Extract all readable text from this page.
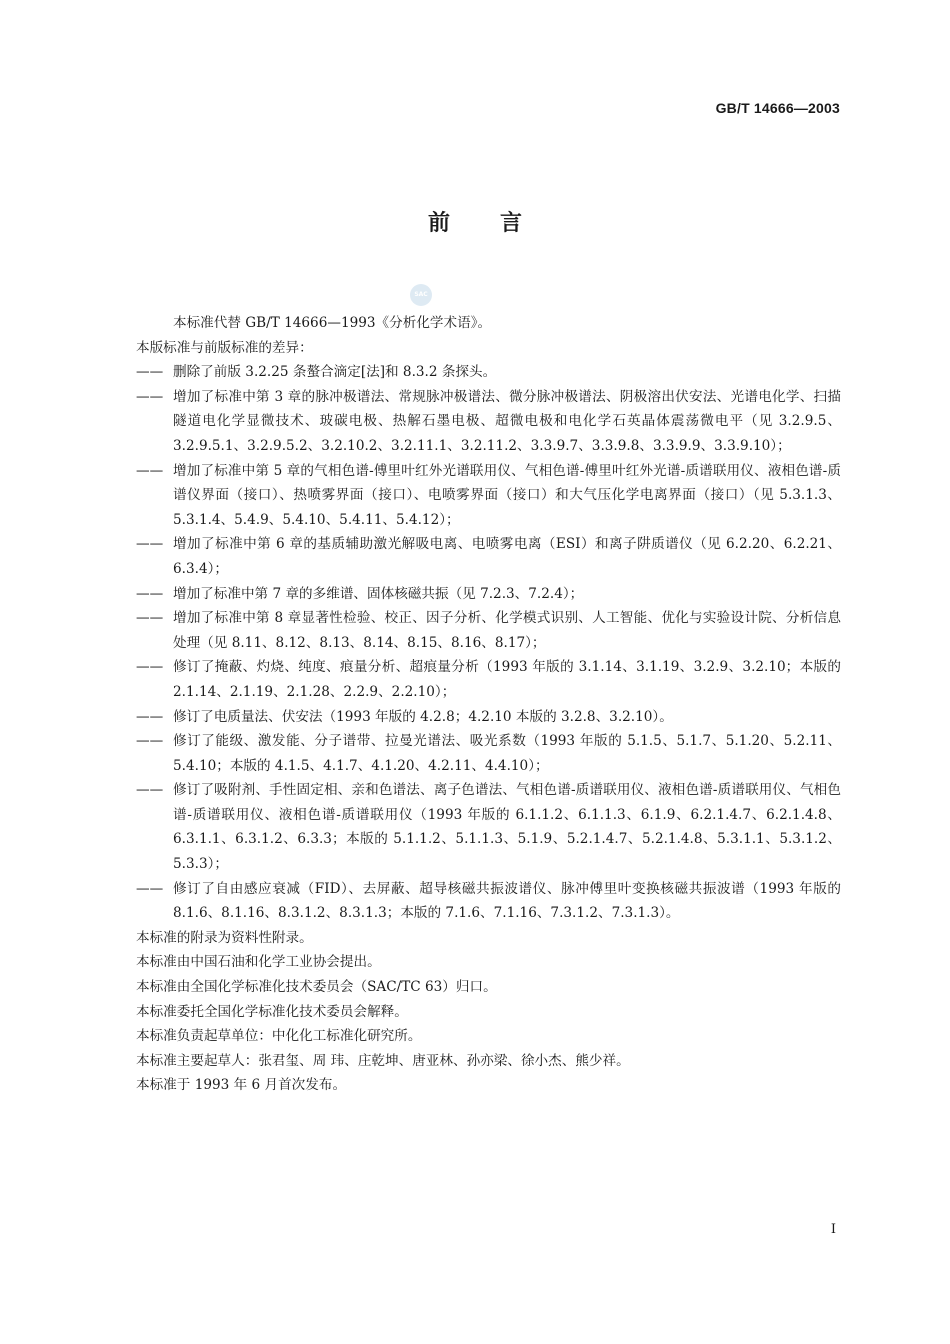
GB/T 14666—2003
前言
SAC

本标准代替 GB/T 14666—1993《分析化学术语》。

本版标准与前版标准的差异：

—— 删除了前版 3.2.25 条螯合滴定[法]和 8.3.2 条探头。

—— 增加了标准中第 3 章的脉冲极谱法、常规脉冲极谱法、微分脉冲极谱法、阴极溶出伏安法、光谱电化学、扫描隧道电化学显微技术、玻碳电极、热解石墨电极、超微电极和电化学石英晶体震荡微电平（见 3.2.9.5、3.2.9.5.1、3.2.9.5.2、3.2.10.2、3.2.11.1、3.2.11.2、3.3.9.7、3.3.9.8、3.3.9.9、3.3.9.10）；

—— 增加了标准中第 5 章的气相色谱-傅里叶红外光谱联用仪、气相色谱-傅里叶红外光谱-质谱联用仪、液相色谱-质谱仪界面（接口）、热喷雾界面（接口）、电喷雾界面（接口）和大气压化学电离界面（接口）（见 5.3.1.3、5.3.1.4、5.4.9、5.4.10、5.4.11、5.4.12）；

—— 增加了标准中第 6 章的基质辅助激光解吸电离、电喷雾电离（ESI）和离子阱质谱仪（见 6.2.20、6.2.21、6.3.4）；

—— 增加了标准中第 7 章的多维谱、固体核磁共振（见 7.2.3、7.2.4）；

—— 增加了标准中第 8 章显著性检验、校正、因子分析、化学模式识别、人工智能、优化与实验设计院、分析信息处理（见 8.11、8.12、8.13、8.14、8.15、8.16、8.17）；

—— 修订了掩蔽、灼烧、纯度、痕量分析、超痕量分析（1993 年版的 3.1.14、3.1.19、3.2.9、3.2.10；本版的 2.1.14、2.1.19、2.1.28、2.2.9、2.2.10）；

—— 修订了电质量法、伏安法（1993 年版的 4.2.8；4.2.10 本版的 3.2.8、3.2.10）。

—— 修订了能级、激发能、分子谱带、拉曼光谱法、吸光系数（1993 年版的 5.1.5、5.1.7、5.1.20、5.2.11、5.4.10；本版的 4.1.5、4.1.7、4.1.20、4.2.11、4.4.10）；

—— 修订了吸附剂、手性固定相、亲和色谱法、离子色谱法、气相色谱-质谱联用仪、液相色谱-质谱联用仪、气相色谱-质谱联用仪、液相色谱-质谱联用仪（1993 年版的 6.1.1.2、6.1.1.3、6.1.9、6.2.1.4.7、6.2.1.4.8、6.3.1.1、6.3.1.2、6.3.3；本版的 5.1.1.2、5.1.1.3、5.1.9、5.2.1.4.7、5.2.1.4.8、5.3.1.1、5.3.1.2、5.3.3）；

—— 修订了自由感应衰减（FID）、去屏蔽、超导核磁共振波谱仪、脉冲傅里叶变换核磁共振波谱（1993 年版的 8.1.6、8.1.16、8.3.1.2、8.3.1.3；本版的 7.1.6、7.1.16、7.3.1.2、7.3.1.3）。

本标准的附录为资料性附录。

本标准由中国石油和化学工业协会提出。

本标准由全国化学标准化技术委员会（SAC/TC 63）归口。

本标准委托全国化学标准化技术委员会解释。

本标准负责起草单位：中化化工标准化研究所。

本标准主要起草人：张君玺、周 玮、庄乾坤、唐亚林、孙亦梁、徐小杰、熊少祥。

本标准于 1993 年 6 月首次发布。

I
